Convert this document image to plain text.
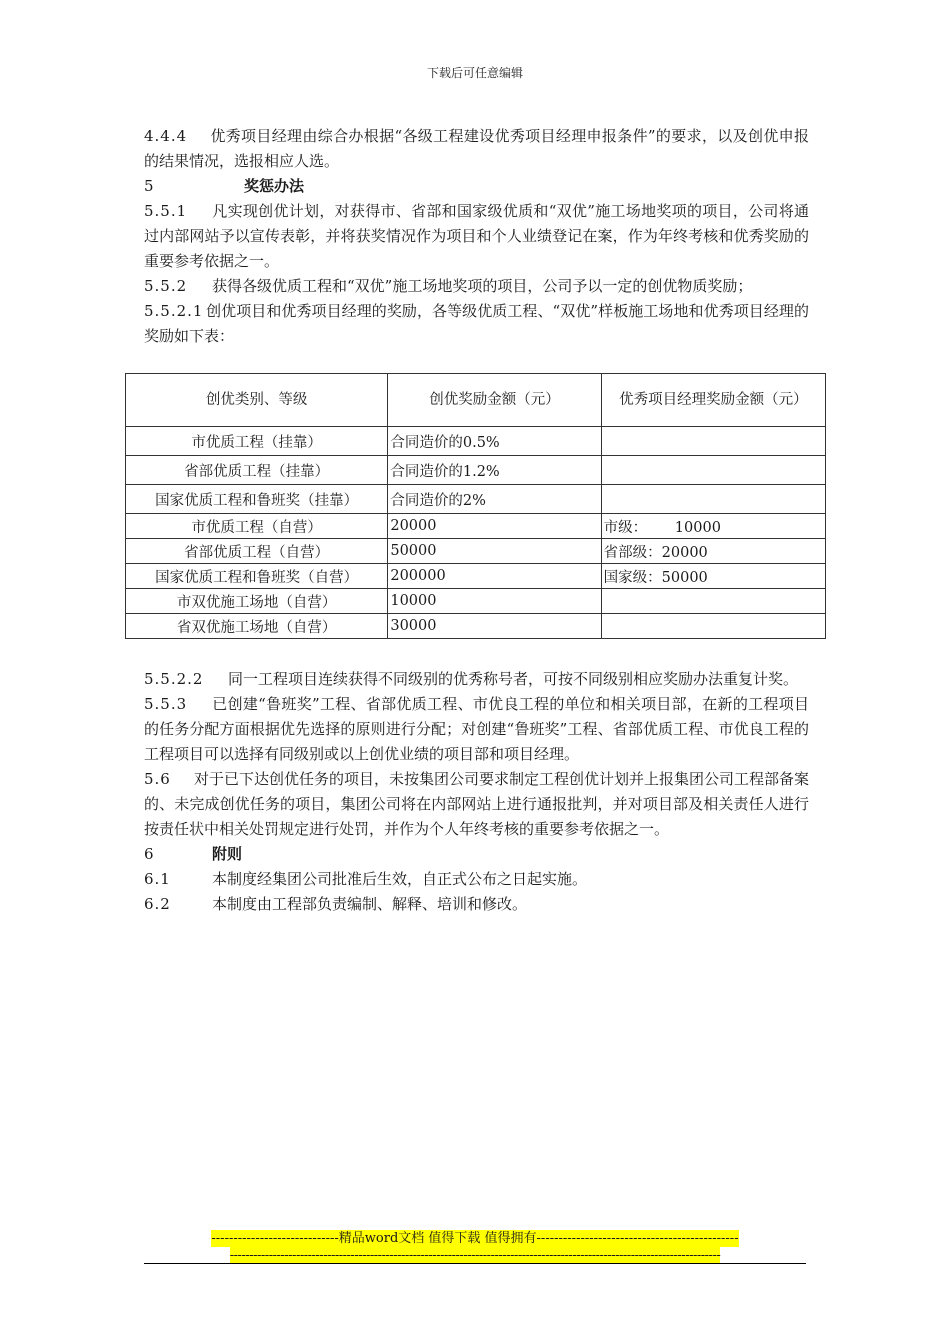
下载后可任意编辑

4.4.4 优秀项目经理由综合办根据“各级工程建设优秀项目经理申报条件”的要求，以及创优申报的结果情况，选报相应人选。

5	奖惩办法

5.5.1 凡实现创优计划，对获得市、省部和国家级优质和“双优”施工场地奖项的项目，公司将通过内部网站予以宣传表彰，并将获奖情况作为项目和个人业绩登记在案，作为年终考核和优秀奖励的重要参考依据之一。

5.5.2 获得各级优质工程和“双优”施工场地奖项的项目，公司予以一定的创优物质奖励；

5.5.2.1 创优项目和优秀项目经理的奖励，各等级优质工程、“双优”样板施工场地和优秀项目经理的奖励如下表：

创优类别、等级	创优奖励金额（元）	优秀项目经理奖励金额（元）
市优质工程（挂靠）	合同造价的0.5%	
省部优质工程（挂靠）	合同造价的1.2%	
国家优质工程和鲁班奖（挂靠）	合同造价的2%	
市优质工程（自营）	20000	市级：      10000
省部优质工程（自营）	50000	省部级：20000
国家优质工程和鲁班奖（自营）	200000	国家级：50000
市双优施工场地（自营）	10000	
省双优施工场地（自营）	30000	

5.5.2.2 同一工程项目连续获得不同级别的优秀称号者，可按不同级别相应奖励办法重复计奖。

5.5.3 已创建“鲁班奖”工程、省部优质工程、市优良工程的单位和相关项目部，在新的工程项目的任务分配方面根据优先选择的原则进行分配；对创建“鲁班奖”工程、省部优质工程、市优良工程的工程项目可以选择有同级别或以上创优业绩的项目部和项目经理。

5.6 对于已下达创优任务的项目，未按集团公司要求制定工程创优计划并上报集团公司工程部备案的、未完成创优任务的项目，集团公司将在内部网站上进行通报批判，并对项目部及相关责任人进行按责任状中相关处罚规定进行处罚，并作为个人年终考核的重要参考依据之一。

6	附则

6.1	本制度经集团公司批准后生效，自正式公布之日起实施。

6.2	本制度由工程部负责编制、解释、培训和修改。

-----------------------------精品word文档 值得下载 值得拥有----------------------------------------------
------------------------------------------------------------------------------------------------------------------------------
